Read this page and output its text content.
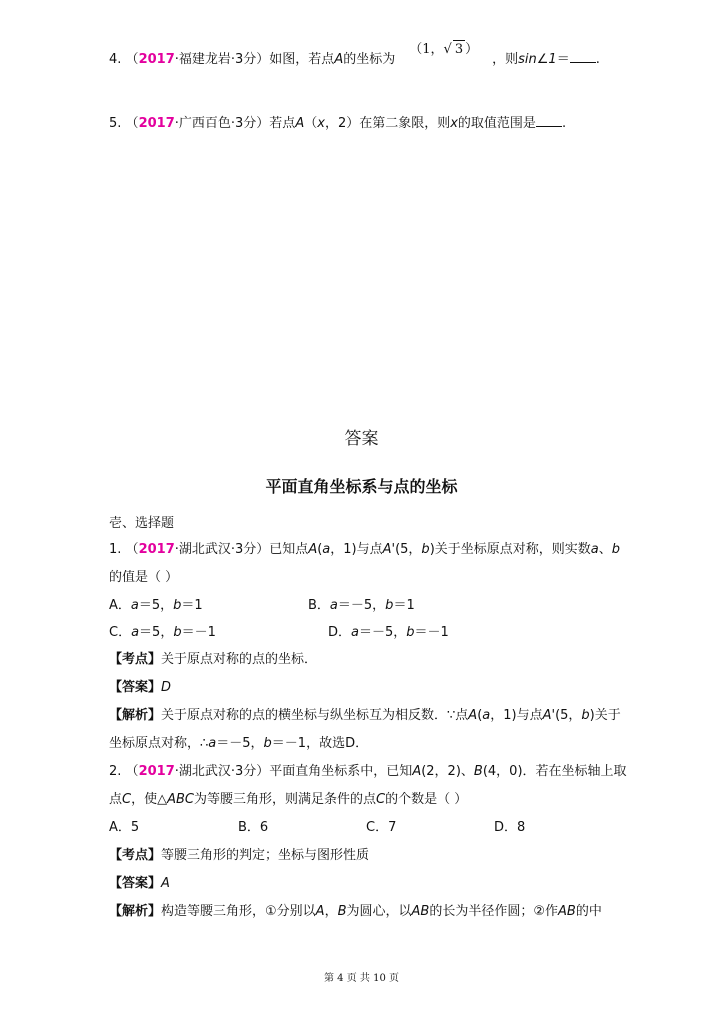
4. （2017·福建龙岩·3分）如图，若点A的坐标为（1，√ 3 ），则sin∠1＝ .
5. （2017·广西百色·3分）若点A（x，2）在第二象限，则x的取值范围是 .
答案
平面直角坐标系与点的坐标
壱、选择题
1. （2017·湖北武汉·3分）已知点A(a，1)与点A'(5，b)关于坐标原点对称，则实数a、b
的值是（ ）
A．a＝5，b＝1	B．a＝－5，b＝1
C．a＝5，b＝－1	D．a＝－5，b＝－1
【考点】关于原点对称的点的坐标．
【答案】D
【解析】关于原点对称的点的横坐标与纵坐标互为相反数．∵点A(a，1)与点A'(5，b)关于
坐标原点对称，∴a＝－5，b＝－1，故选D．
2. （2017·湖北武汉·3分）平面直角坐标系中，已知A(2，2)、B(4，0)．若在坐标轴上取
点C，使△ABC为等腰三角形，则满足条件的点C的个数是（ ）
A．5	B．6	C．7	D．8
【考点】等腰三角形的判定；坐标与图形性质
【答案】A
【解析】构造等腰三角形，①分别以A，B为圆心，以AB的长为半径作圆；②作AB的中
第 4 页 共 10 页
